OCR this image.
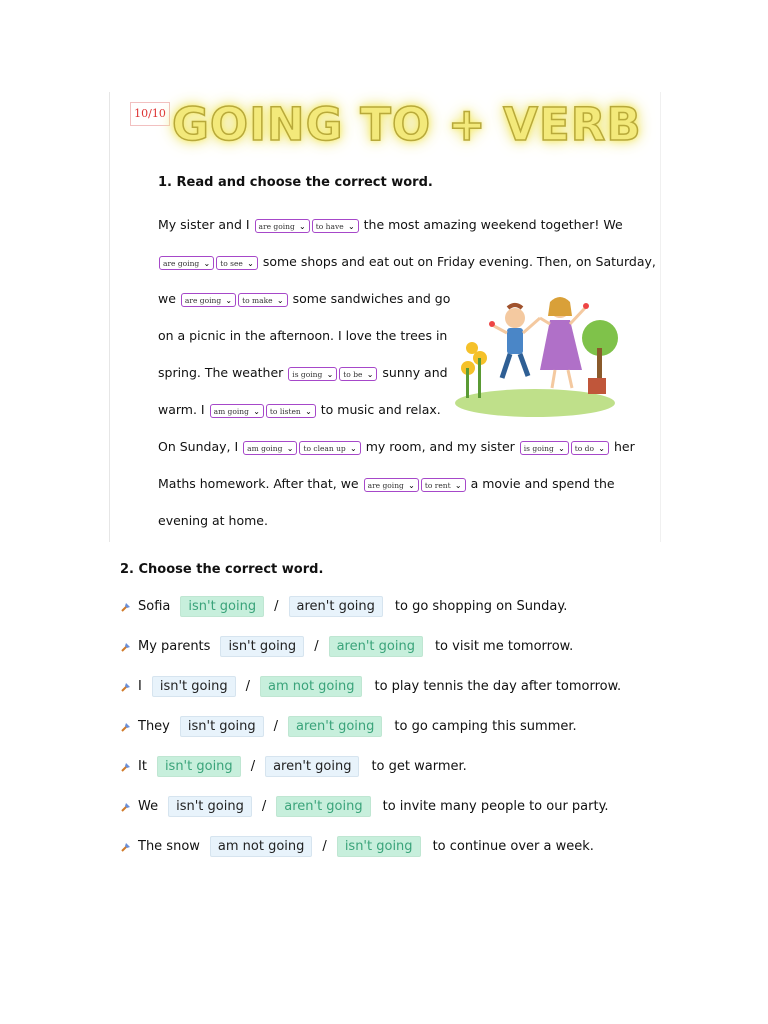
10/10 GOING TO + VERB
1. Read and choose the correct word.
My sister and I are going ⌄ to have ⌄ the most amazing weekend together! We
are going ⌄ to see ⌄ some shops and eat out on Friday evening. Then, on Saturday,
we are going ⌄ to make ⌄ some sandwiches and go
on a picnic in the afternoon. I love the trees in
spring. The weather is going ⌄ to be ⌄ sunny and
warm. I am going ⌄ to listen ⌄ to music and relax.
On Sunday, I am going ⌄ to clean up ⌄ my room, and my sister is going ⌄ to do ⌄ her
Maths homework. After that, we are going ⌄ to rent ⌄ a movie and spend the
evening at home.
2. Choose the correct word.
Sofia isn't going / aren't going to go shopping on Sunday.
My parents isn't going / aren't going to visit me tomorrow.
I isn't going / am not going to play tennis the day after tomorrow.
They isn't going / aren't going to go camping this summer.
It isn't going / aren't going to get warmer.
We isn't going / aren't going to invite many people to our party.
The snow am not going / isn't going to continue over a week.
